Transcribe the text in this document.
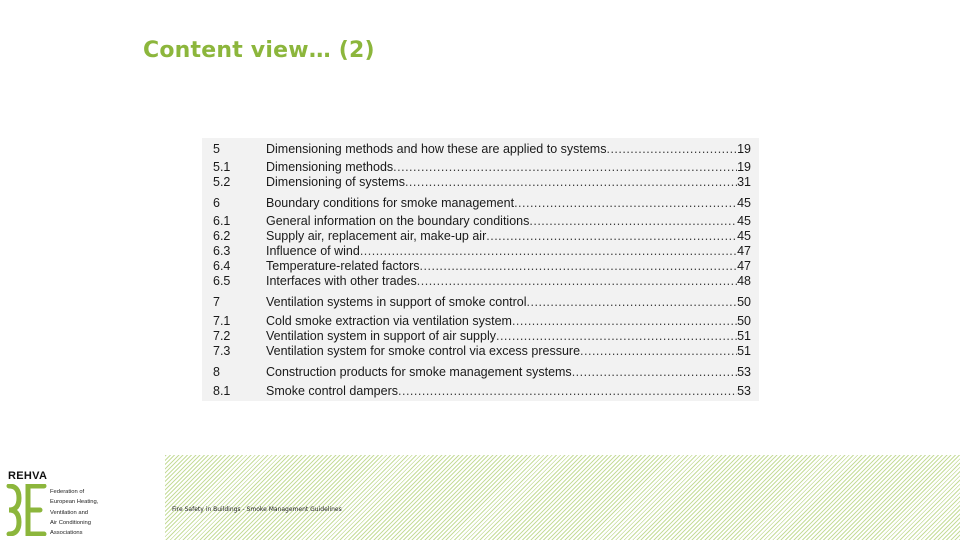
Content view… (2)
5	Dimensioning methods and how these are applied to systems .....	19
5.1	Dimensioning methods .....	19
5.2	Dimensioning of systems .....	31
6	Boundary conditions for smoke management .....	45
6.1	General information on the boundary conditions .....	45
6.2	Supply air, replacement air, make-up air .....	45
6.3	Influence of wind .....	47
6.4	Temperature-related factors .....	47
6.5	Interfaces with other trades .....	48
7	Ventilation systems in support of smoke control .....	50
7.1	Cold smoke extraction via ventilation system .....	50
7.2	Ventilation system in support of air supply .....	51
7.3	Ventilation system for smoke control via excess pressure .....	51
8	Construction products for smoke management systems .....	53
8.1	Smoke control dampers .....	53
REHVA
Federation of
European Heating,
Ventilation and
Air Conditioning
Associations
Fire Safety in Buildings - Smoke Management Guidelines
